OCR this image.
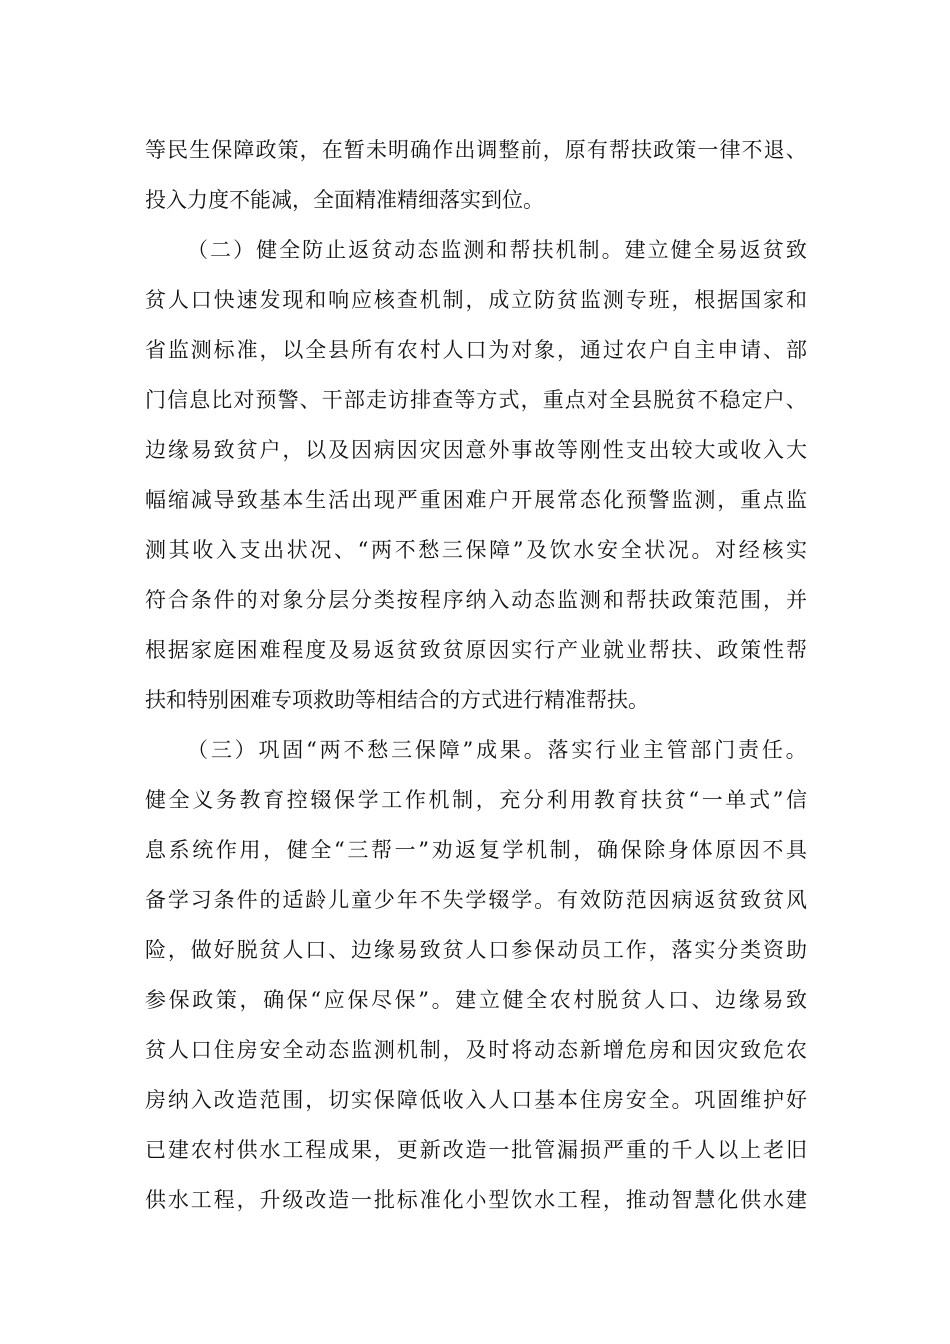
等 民 生 保 障 政 策 ， 在 暂 未 明 确 作 出 调 整 前 ， 原 有 帮 扶 政 策 一 律 不 退 、
投 入 力 度 不 能 减 ， 全 面 精 准 精 细 落 实 到 位 。
（ 二 ） 健 全 防 止 返 贫 动 态 监 测 和 帮 扶 机 制 。 建 立 健 全 易 返 贫 致
贫 人 口 快 速 发 现 和 响 应 核 查 机 制 ， 成 立 防 贫 监 测 专 班 ， 根 据 国 家 和
省 监 测 标 准 ， 以 全 县 所 有 农 村 人 口 为 对 象 ， 通 过 农 户 自 主 申 请 、 部
门 信 息 比 对 预 警 、 干 部 走 访 排 查 等 方 式 ， 重 点 对 全 县 脱 贫 不 稳 定 户 、
边 缘 易 致 贫 户 ， 以 及 因 病 因 灾 因 意 外 事 故 等 刚 性 支 出 较 大 或 收 入 大
幅 缩 减 导 致 基 本 生 活 出 现 严 重 困 难 户 开 展 常 态 化 预 警 监 测 ， 重 点 监
测 其 收 入 支 出 状 况 、 “ 两 不 愁 三 保 障 ” 及 饮 水 安 全 状 况 。 对 经 核 实
符 合 条 件 的 对 象 分 层 分 类 按 程 序 纳 入 动 态 监 测 和 帮 扶 政 策 范 围 ， 并
根 据 家 庭 困 难 程 度 及 易 返 贫 致 贫 原 因 实 行 产 业 就 业 帮 扶 、 政 策 性 帮
扶 和 特 别 困 难 专 项 救 助 等 相 结 合 的 方 式 进 行 精 准 帮 扶 。
（ 三 ） 巩 固 “ 两 不 愁 三 保 障 ” 成 果 。 落 实 行 业 主 管 部 门 责 任 。
健 全 义 务 教 育 控 辍 保 学 工 作 机 制 ， 充 分 利 用 教 育 扶 贫 “ 一 单 式 ” 信
息 系 统 作 用 ， 健 全 “ 三 帮 一 ” 劝 返 复 学 机 制 ， 确 保 除 身 体 原 因 不 具
备 学 习 条 件 的 适 龄 儿 童 少 年 不 失 学 辍 学 。 有 效 防 范 因 病 返 贫 致 贫 风
险 ， 做 好 脱 贫 人 口 、 边 缘 易 致 贫 人 口 参 保 动 员 工 作 ， 落 实 分 类 资 助
参 保 政 策 ， 确 保 “ 应 保 尽 保 ” 。 建 立 健 全 农 村 脱 贫 人 口 、 边 缘 易 致
贫 人 口 住 房 安 全 动 态 监 测 机 制 ， 及 时 将 动 态 新 增 危 房 和 因 灾 致 危 农
房 纳 入 改 造 范 围 ， 切 实 保 障 低 收 入 人 口 基 本 住 房 安 全 。 巩 固 维 护 好
已 建 农 村 供 水 工 程 成 果 ， 更 新 改 造 一 批 管 漏 损 严 重 的 千 人 以 上 老 旧
供 水 工 程 ， 升 级 改 造 一 批 标 准 化 小 型 饮 水 工 程 ， 推 动 智 慧 化 供 水 建
